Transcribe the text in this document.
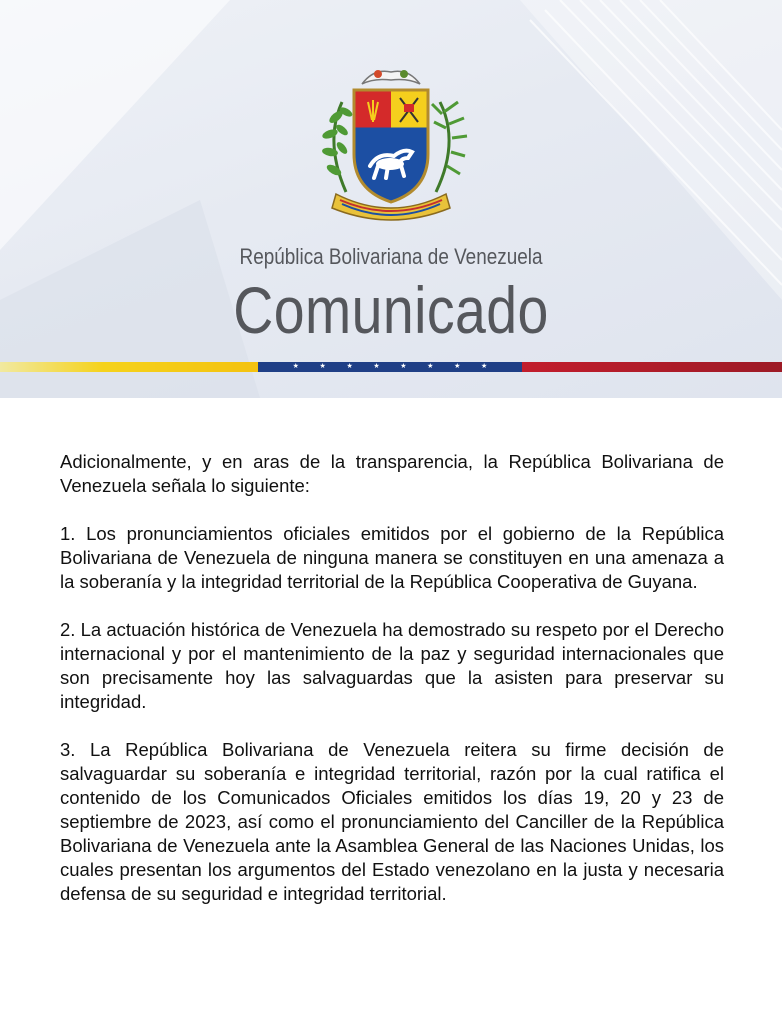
República Bolivariana de Venezuela
Comunicado
★	★	★	★	★	★	★	★

Adicionalmente, y en aras de la transparencia, la República Bolivariana de Venezuela señala lo siguiente:

1. Los pronunciamientos oficiales emitidos por el gobierno de la República Bolivariana de Venezuela de ninguna manera se constituyen en una amenaza a la soberanía y la integridad territorial de la República Cooperativa de Guyana.

2. La actuación histórica de Venezuela ha demostrado su respeto por el Derecho internacional y por el mantenimiento de la paz y seguridad internacionales que son precisamente hoy las salvaguardas que la asisten para preservar su integridad.

3. La República Bolivariana de Venezuela reitera su firme decisión de salvaguardar su soberanía e integridad territorial, razón por la cual ratifica el contenido de los Comunicados Oficiales emitidos los días 19, 20 y 23 de septiembre de 2023, así como el pronunciamiento del Canciller de la República Bolivariana de Venezuela ante la Asamblea General de las Naciones Unidas, los cuales presentan los argumentos del Estado venezolano en la justa y necesaria defensa de su seguridad e integridad territorial.
